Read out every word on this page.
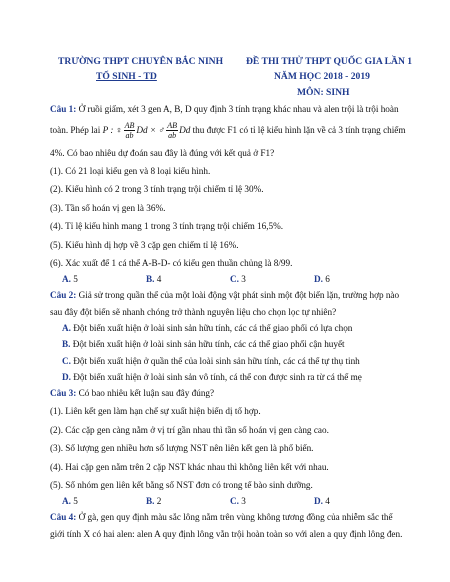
TRƯỜNG THPT CHUYÊN BẮC NINH
TỔ SINH - TD
ĐỀ THI THỬ THPT QUỐC GIA LẦN 1
NĂM HỌC 2018 - 2019
MÔN: SINH

Câu 1: Ở ruồi giấm, xét 3 gen A, B, D quy định 3 tính trạng khác nhau và alen trội là trội hoàn

toàn. Phép lai P : ♀ $\frac{AB}{ab}$ Dd × ♂ $\frac{AB}{ab}$ Dd thu được F1 có tỉ lệ kiểu hình lặn về cả 3 tính trạng chiếm

4%. Có bao nhiêu dự đoán sau đây là đúng với kết quả ở F1?

(1). Có 21 loại kiểu gen và 8 loại kiểu hình.

(2). Kiểu hình có 2 trong 3 tính trạng trội chiếm tỉ lệ 30%.

(3). Tần số hoán vị gen là 36%.

(4). Tỉ lệ kiểu hình mang 1 trong 3 tính trạng trội chiếm 16,5%.

(5). Kiểu hình dị hợp về 3 cặp gen chiếm tỉ lệ 16%.

(6). Xác xuất để 1 cá thể A-B-D- có kiểu gen thuần chủng là 8/99.

A. 5	B. 4	C. 3	D. 6

Câu 2: Giả sử trong quần thể của một loài động vật phát sinh một đột biến lặn, trường hợp nào

sau đây đột biến sẽ nhanh chóng trở thành nguyên liệu cho chọn lọc tự nhiên?

A. Đột biến xuất hiện ở loài sinh sản hữu tính, các cá thể giao phối có lựa chọn

B. Đột biến xuất hiện ở loài sinh sản hữu tính, các cá thể giao phối cận huyết

C. Đột biến xuất hiện ở quần thể của loài sinh sản hữu tính, các cá thể tự thụ tinh

D. Đột biến xuất hiện ở loài sinh sản vô tính, cá thể con được sinh ra từ cá thể mẹ

Câu 3: Có bao nhiêu kết luận sau đây đúng?

(1). Liên kết gen làm hạn chế sự xuất hiện biến dị tổ hợp.

(2). Các cặp gen càng nằm ở vị trí gần nhau thì tần số hoán vị gen càng cao.

(3). Số lượng gen nhiều hơn số lượng NST nên liên kết gen là phổ biến.

(4). Hai cặp gen nằm trên 2 cặp NST khác nhau thì không liên kết với nhau.

(5). Số nhóm gen liên kết bằng số NST đơn có trong tế bào sinh dưỡng.

A. 5	B. 2	C. 3	D. 4

Câu 4: Ở gà, gen quy định màu sắc lông nằm trên vùng không tương đồng của nhiễm sắc thể

giới tính X có hai alen: alen A quy định lông vằn trội hoàn toàn so với alen a quy định lông đen.
